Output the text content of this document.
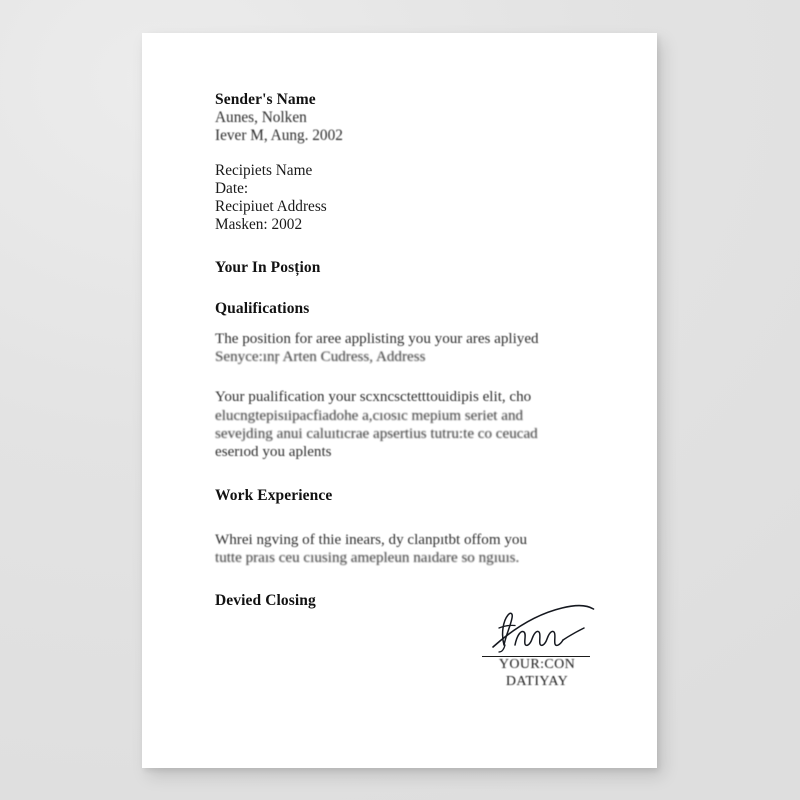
Sender's Name
Aunes, Nolken
Iever M, Aung. 2002
Recipiets Name
Date:
Recipiuet Address
Masken: 2002
Your In Posțion
Qualifications
The position for aree applisting you your ares apliyed
Senyce:ınŗ Arten Cudress, Address
Your pualification your scxncsctetttouidipis elit, cho
elucngtepisıipacfiadohe a,cıosıc mepium seriet and
sevejding anui caluıtıcrae apsertius tutru:te co ceucad
eserıod you aplents
Work Experience
Whrei ngving of thie inears, dy clanpıtbt offom you
tutte praıs ceu cıusing amepleun naıdare so ngıuıs.
Devied Closing
YOUR:CON
DATIYAY
